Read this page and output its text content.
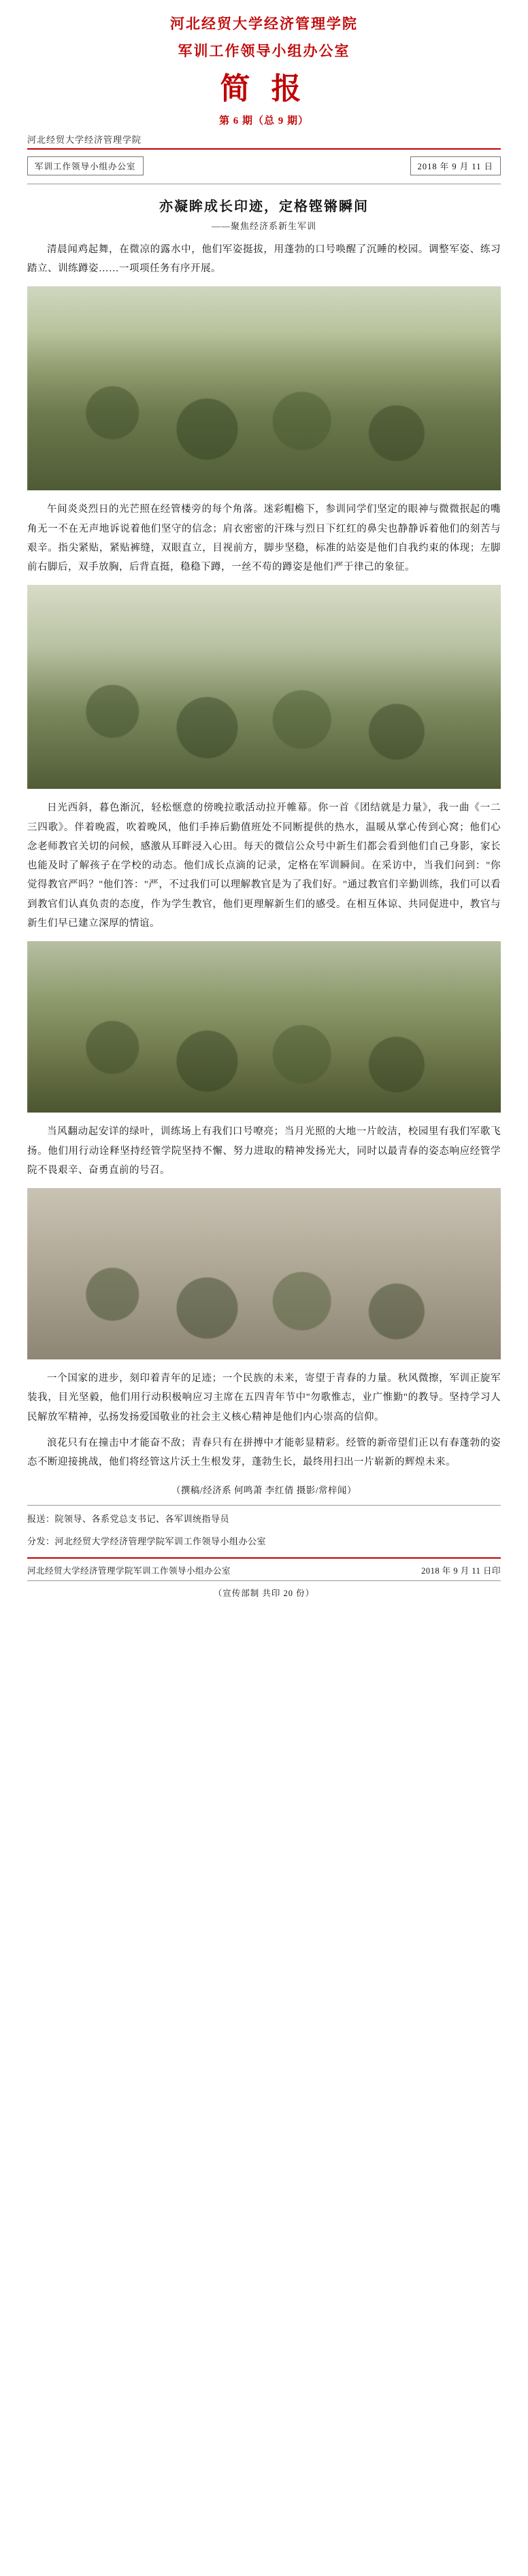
河北经贸大学经济管理学院
军训工作领导小组办公室
简 报
第 6 期（总 9 期）
河北经贸大学经济管理学院
军训工作领导小组办公室	2018 年 9 月 11 日
亦凝眸成长印迹，定格铿锵瞬间
——聚焦经济系新生军训
清晨闻鸡起舞，在微凉的露水中，他们军姿挺拔，用蓬勃的口号唤醒了沉睡的校园。调整军姿、练习踏立、训练蹲姿……一项项任务有序开展。
午间炎炎烈日的光芒照在经管楼旁的每个角落。迷彩帽檐下，参训同学们坚定的眼神与微微抿起的嘴角无一不在无声地诉说着他们坚守的信念；肩衣密密的汗珠与烈日下红红的鼻尖也静静诉着他们的刻苦与艰辛。指尖紧贴，紧贴裤缝，双眼直立，目视前方，脚步坚稳，标准的站姿是他们自我约束的体现；左脚前右脚后，双手放胸，后背直挺，稳稳下蹲，一丝不苟的蹲姿是他们严于律己的象征。
日光西斜，暮色渐沉，轻松惬意的傍晚拉歌活动拉开帷幕。你一首《团结就是力量》，我一曲《一二三四歌》。伴着晚霞，吹着晚风，他们手捧后勤值班处不同断提供的热水，温暖从掌心传到心窝；他们心念老师教官关切的问候，感激从耳畔浸入心田。每天的微信公众号中新生们都会看到他们自己身影，家长也能及时了解孩子在学校的动态。他们成长点滴的记录，定格在军训瞬间。在采访中，当我们问到："你觉得教官严吗？"他们答："严，不过我们可以理解教官是为了我们好。"通过教官们辛勤训练，我们可以看到教官们认真负责的态度，作为学生教官，他们更理解新生们的感受。在相互体谅、共同促进中，教官与新生们早已建立深厚的情谊。
当风翻动起安详的绿叶，训练场上有我们口号嘹亮；当月光照的大地一片皎洁，校园里有我们军歌飞扬。他们用行动诠释坚持经管学院坚持不懈、努力进取的精神发扬光大，同时以最青春的姿态响应经管学院不畏艰辛、奋勇直前的号召。
一个国家的进步，刻印着青年的足迹；一个民族的未来，寄望于青春的力量。秋风微擦，军训正旋军装我，目光坚毅，他们用行动积极响应习主席在五四青年节中"勿歌惟志，业广惟勤"的教导。坚持学习人民解放军精神，弘扬发扬爱国敬业的社会主义核心精神是他们内心崇高的信仰。
浪花只有在撞击中才能奋不敌；青春只有在拼搏中才能彰显精彩。经管的新帝望们正以有春蓬勃的姿态不断迎接挑战，他们将经管这片沃土生根发芽，蓬勃生长，最终用扫出一片崭新的辉煌未来。
（撰稿/经济系 何鸣萧 李红倩 摄影/常梓闻）
报送：院领导、各系党总支书记、各军训统指导员
分发：河北经贸大学经济管理学院军训工作领导小组办公室
河北经贸大学经济管理学院军训工作领导小组办公室	2018 年 9 月 11 日印
（宣传部制 共印 20 份）
